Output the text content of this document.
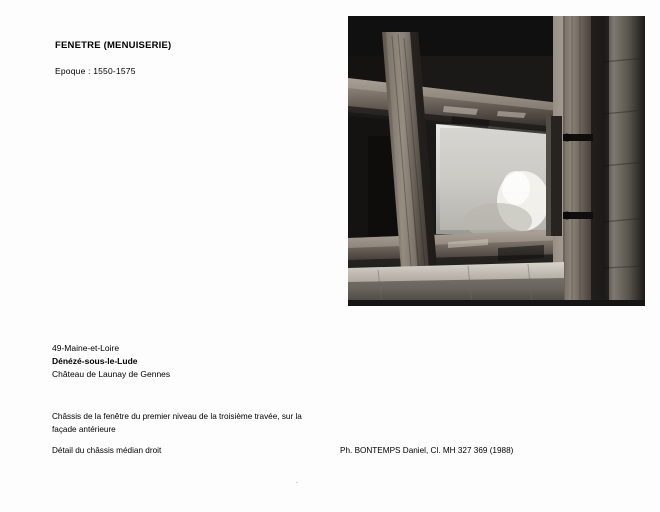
FENETRE (MENUISERIE)
Epoque : 1550-1575
49-Maine-et-Loire
Dénézé-sous-le-Lude
Château de Launay de Gennes
Châssis de la fenêtre du premier niveau de la troisième travée, sur la façade antérieure
Détail du châssis médian droit	Ph. BONTEMPS Daniel, Cl. MH 327 369 (1988)
.
